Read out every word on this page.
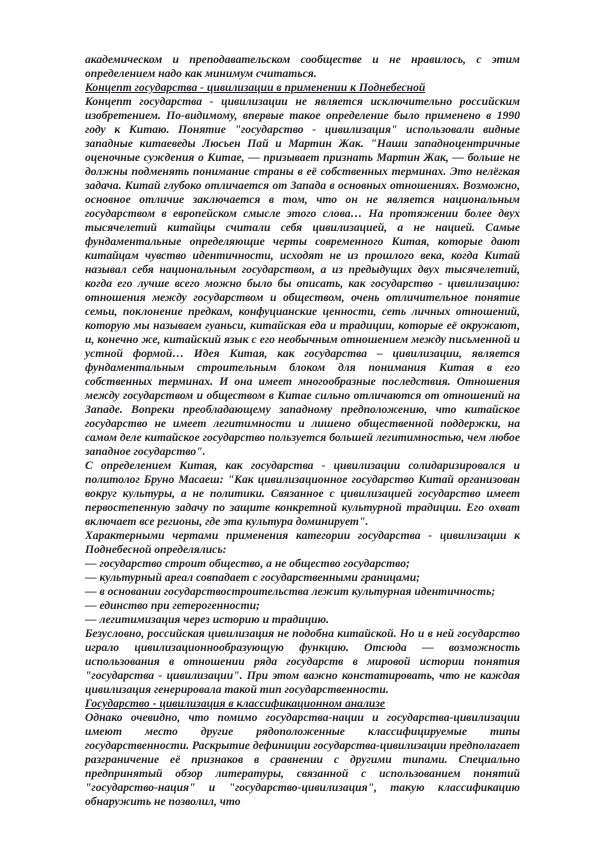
академическом и преподавательском сообществе и не нравилось, с этим определением надо как минимум считаться.

Концепт государства - цивилизации в применении к Поднебесной

Концепт государства - цивилизации не является исключительно российским изобретением. По-видимому, впервые такое определение было применено в 1990 году к Китаю. Понятие "государство - цивилизация" использовали видные западные китаеведы Люсьен Пай и Мартин Жак. "Наши западноцентричные оценочные суждения о Китае, — призывает признать Мартин Жак, — больше не должны подменять понимание страны в её собственных терминах. Это нелёгкая задача. Китай глубоко отличается от Запада в основных отношениях. Возможно, основное отличие заключается в том, что он не является национальным государством в европейском смысле этого слова… На протяжении более двух тысячелетий китайцы считали себя цивилизацией, а не нацией. Самые фундаментальные определяющие черты современного Китая, которые дают китайцам чувство идентичности, исходят не из прошлого века, когда Китай называл себя национальным государством, а из предыдущих двух тысячелетий, когда его лучше всего можно было бы описать, как государство - цивилизацию: отношения между государством и обществом, очень отличительное понятие семьи, поклонение предкам, конфуцианские ценности, сеть личных отношений, которую мы называем гуаньси, китайская еда и традиции, которые её окружают, и, конечно же, китайский язык с его необычным отношением между письменной и устной формой… Идея Китая, как государства – цивилизации, является фундаментальным строительным блоком для понимания Китая в его собственных терминах. И она имеет многообразные последствия. Отношения между государством и обществом в Китае сильно отличаются от отношений на Западе. Вопреки преобладающему западному предположению, что китайское государство не имеет легитимности и лишено общественной поддержки, на самом деле китайское государство пользуется большей легитимностью, чем любое западное государство".

С определением Китая, как государства - цивилизации солидаризировался и политолог Бруно Масаеш: "Как цивилизационное государство Китай организован вокруг культуры, а не политики. Связанное с цивилизацией государство имеет первостепенную задачу по защите конкретной культурной традиции. Его охват включает все регионы, где эта культура доминирует".

Характерными чертами применения категории государства - цивилизации к Поднебесной определялись:

— государство строит общество, а не общество государство;

— культурный ареал совпадает с государственными границами;

— в основании государствостроительства лежит культурная идентичность;

— единство при гетерогенности;

— легитимизация через историю и традицию.

Безусловно, российская цивилизация не подобна китайской. Но и в ней государство играло цивилизационнообразующую функцию. Отсюда — возможность использования в отношении ряда государств в мировой истории понятия "государства - цивилизации". При этом важно констатировать, что не каждая цивилизация генерировала такой тип государственности.

Государство - цивилизация в классификационном анализе

Однако очевидно, что помимо государства-нации и государства-цивилизации имеют место другие рядоположенные классифицируемые типы государственности. Раскрытие дефиниции государства-цивилизации предполагает разграничение её признаков в сравнении с другими типами. Специально предпринятый обзор литературы, связанной с использованием понятий "государство-нация" и "государство-цивилизация", такую классификацию обнаружить не позволил, что
